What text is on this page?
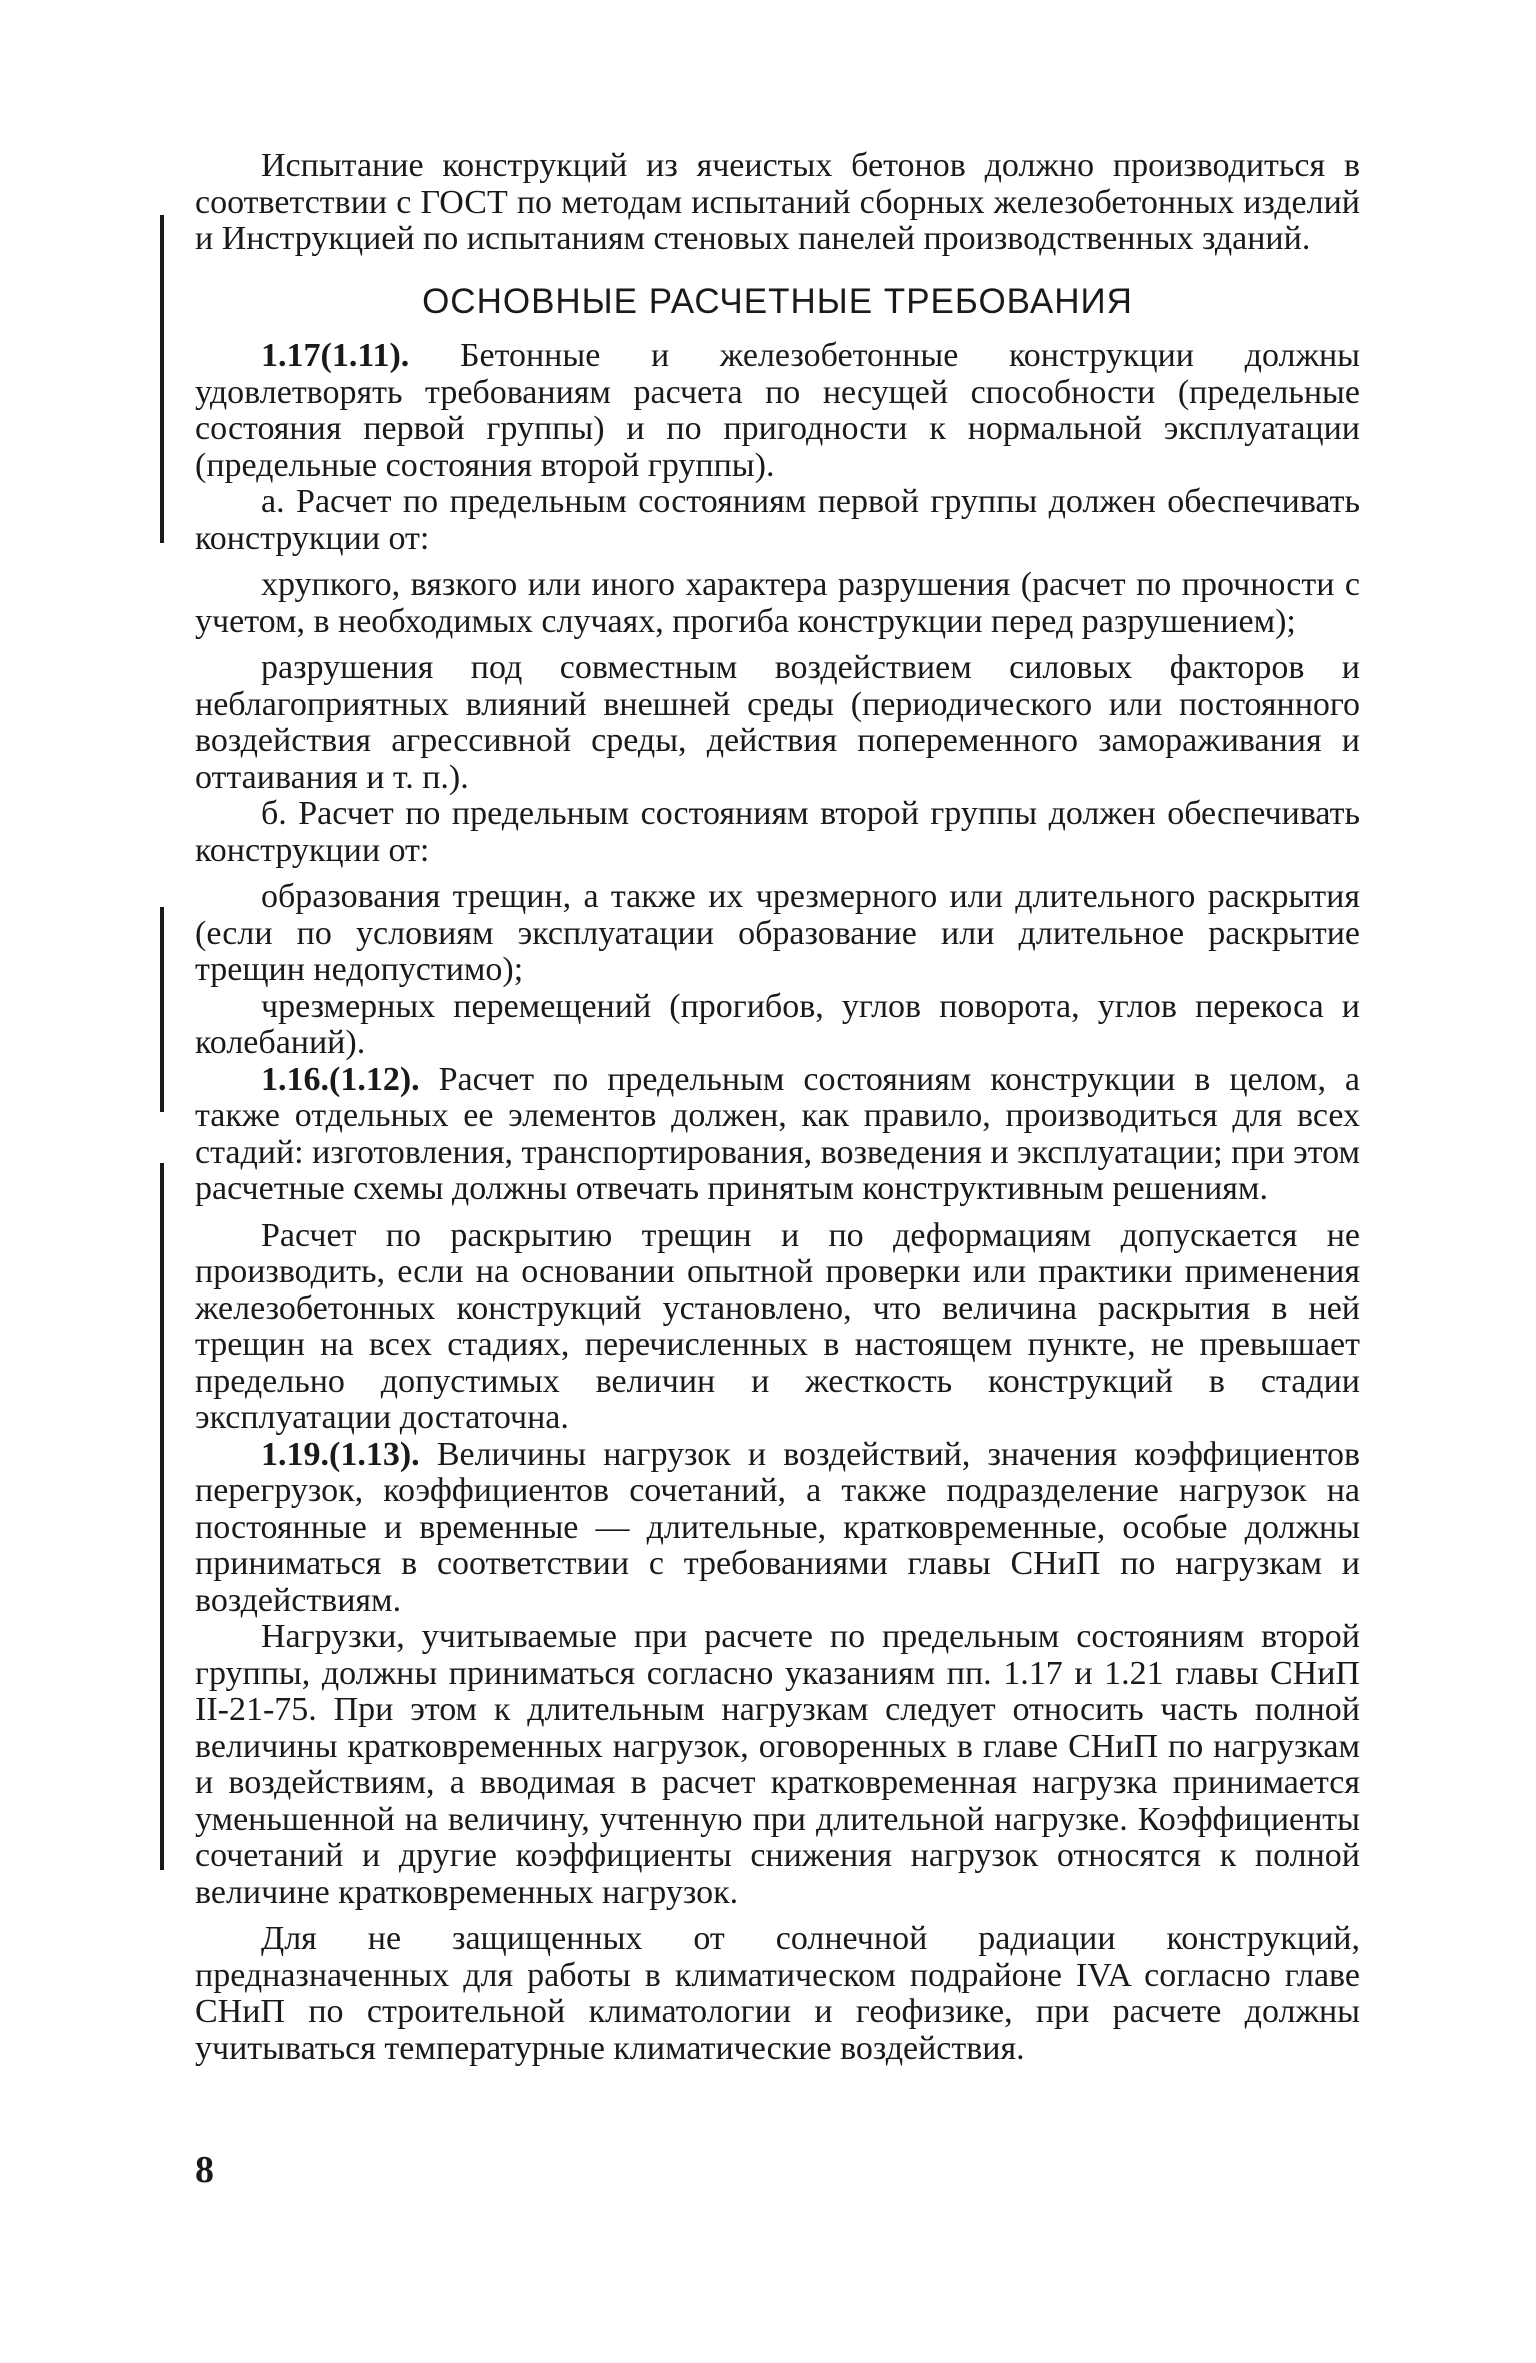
Испытание конструкций из ячеистых бетонов должно производиться в соответствии с ГОСТ по методам испытаний сборных железобетонных изделий и Инструкцией по испытаниям стеновых панелей производственных зданий.

ОСНОВНЫЕ РАСЧЕТНЫЕ ТРЕБОВАНИЯ

1.17(1.11). Бетонные и железобетонные конструкции должны удовлетворять требованиям расчета по несущей способности (предельные состояния первой группы) и по пригодности к нормальной эксплуатации (предельные состояния второй группы).

а. Расчет по предельным состояниям первой группы должен обеспечивать конструкции от:

хрупкого, вязкого или иного характера разрушения (расчет по прочности с учетом, в необходимых случаях, прогиба конструкции перед разрушением);

разрушения под совместным воздействием силовых факторов и неблагоприятных влияний внешней среды (периодического или постоянного воздействия агрессивной среды, действия попеременного замораживания и оттаивания и т. п.).

б. Расчет по предельным состояниям второй группы должен обеспечивать конструкции от:

образования трещин, а также их чрезмерного или длительного раскрытия (если по условиям эксплуатации образование или длительное раскрытие трещин недопустимо);

чрезмерных перемещений (прогибов, углов поворота, углов перекоса и колебаний).

1.16.(1.12). Расчет по предельным состояниям конструкции в целом, а также отдельных ее элементов должен, как правило, производиться для всех стадий: изготовления, транспортирования, возведения и эксплуатации; при этом расчетные схемы должны отвечать принятым конструктивным решениям.

Расчет по раскрытию трещин и по деформациям допускается не производить, если на основании опытной проверки или практики применения железобетонных конструкций установлено, что величина раскрытия в ней трещин на всех стадиях, перечисленных в настоящем пункте, не превышает предельно допустимых величин и жесткость конструкций в стадии эксплуатации достаточна.

1.19.(1.13). Величины нагрузок и воздействий, значения коэффициентов перегрузок, коэффициентов сочетаний, а также подразделение нагрузок на постоянные и временные — длительные, кратковременные, особые должны приниматься в соответствии с требованиями главы СНиП по нагрузкам и воздействиям.

Нагрузки, учитываемые при расчете по предельным состояниям второй группы, должны приниматься согласно указаниям пп. 1.17 и 1.21 главы СНиП II-21-75. При этом к длительным нагрузкам следует относить часть полной величины кратковременных нагрузок, оговоренных в главе СНиП по нагрузкам и воздействиям, а вводимая в расчет кратковременная нагрузка принимается уменьшенной на величину, учтенную при длительной нагрузке. Коэффициенты сочетаний и другие коэффициенты снижения нагрузок относятся к полной величине кратковременных нагрузок.

Для не защищенных от солнечной радиации конструкций, предназначенных для работы в климатическом подрайоне IVA согласно главе СНиП по строительной климатологии и геофизике, при расчете должны учитываться температурные климатические воздействия.

8
